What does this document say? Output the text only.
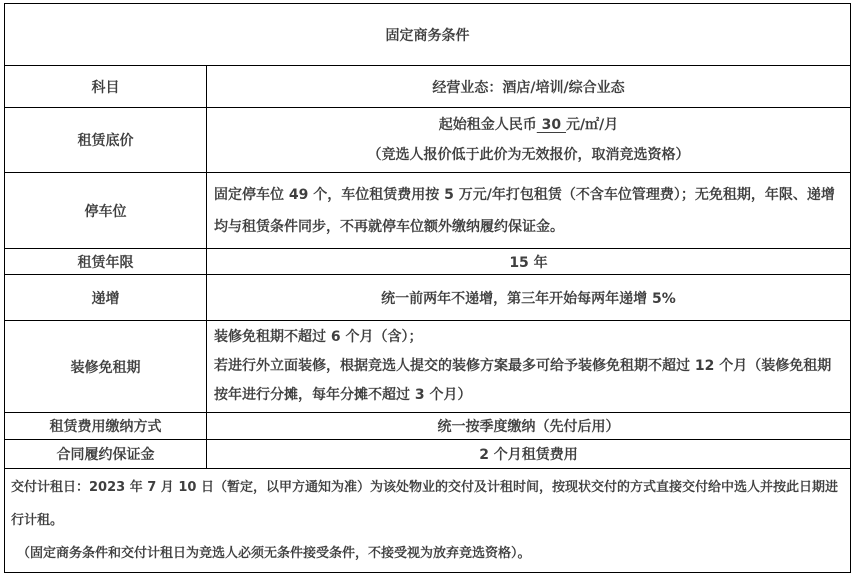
固定商务条件	
科目	经营业态：酒店/培训/综合业态
租赁底价	起始租金人民币 30 元/㎡/月
（竞选人报价低于此价为无效报价，取消竞选资格）

停车位	固定停车位 49 个，车位租赁费用按 5 万元/年打包租赁（不含车位管理费）；无免租期，年限、递增均与租赁条件同步，不再就停车位额外缴纳履约保证金。

租赁年限	15 年
递增	统一前两年不递增，第三年开始每两年递增 5%
装修免租期	装修免租期不超过 6 个月（含）；
若进行外立面装修，根据竞选人提交的装修方案最多可给予装修免租期不超过 12 个月（装修免租期按年进行分摊，每年分摊不超过 3 个月）

租赁费用缴纳方式	统一按季度缴纳（先付后用）
合同履约保证金	2 个月租赁费用

交付计租日：2023 年 7 月 10 日（暂定，以甲方通知为准）为该处物业的交付及计租时间，按现状交付的方式直接交付给中选人并按此日期进行计租。
（固定商务条件和交付计租日为竞选人必须无条件接受条件，不接受视为放弃竞选资格）。	
